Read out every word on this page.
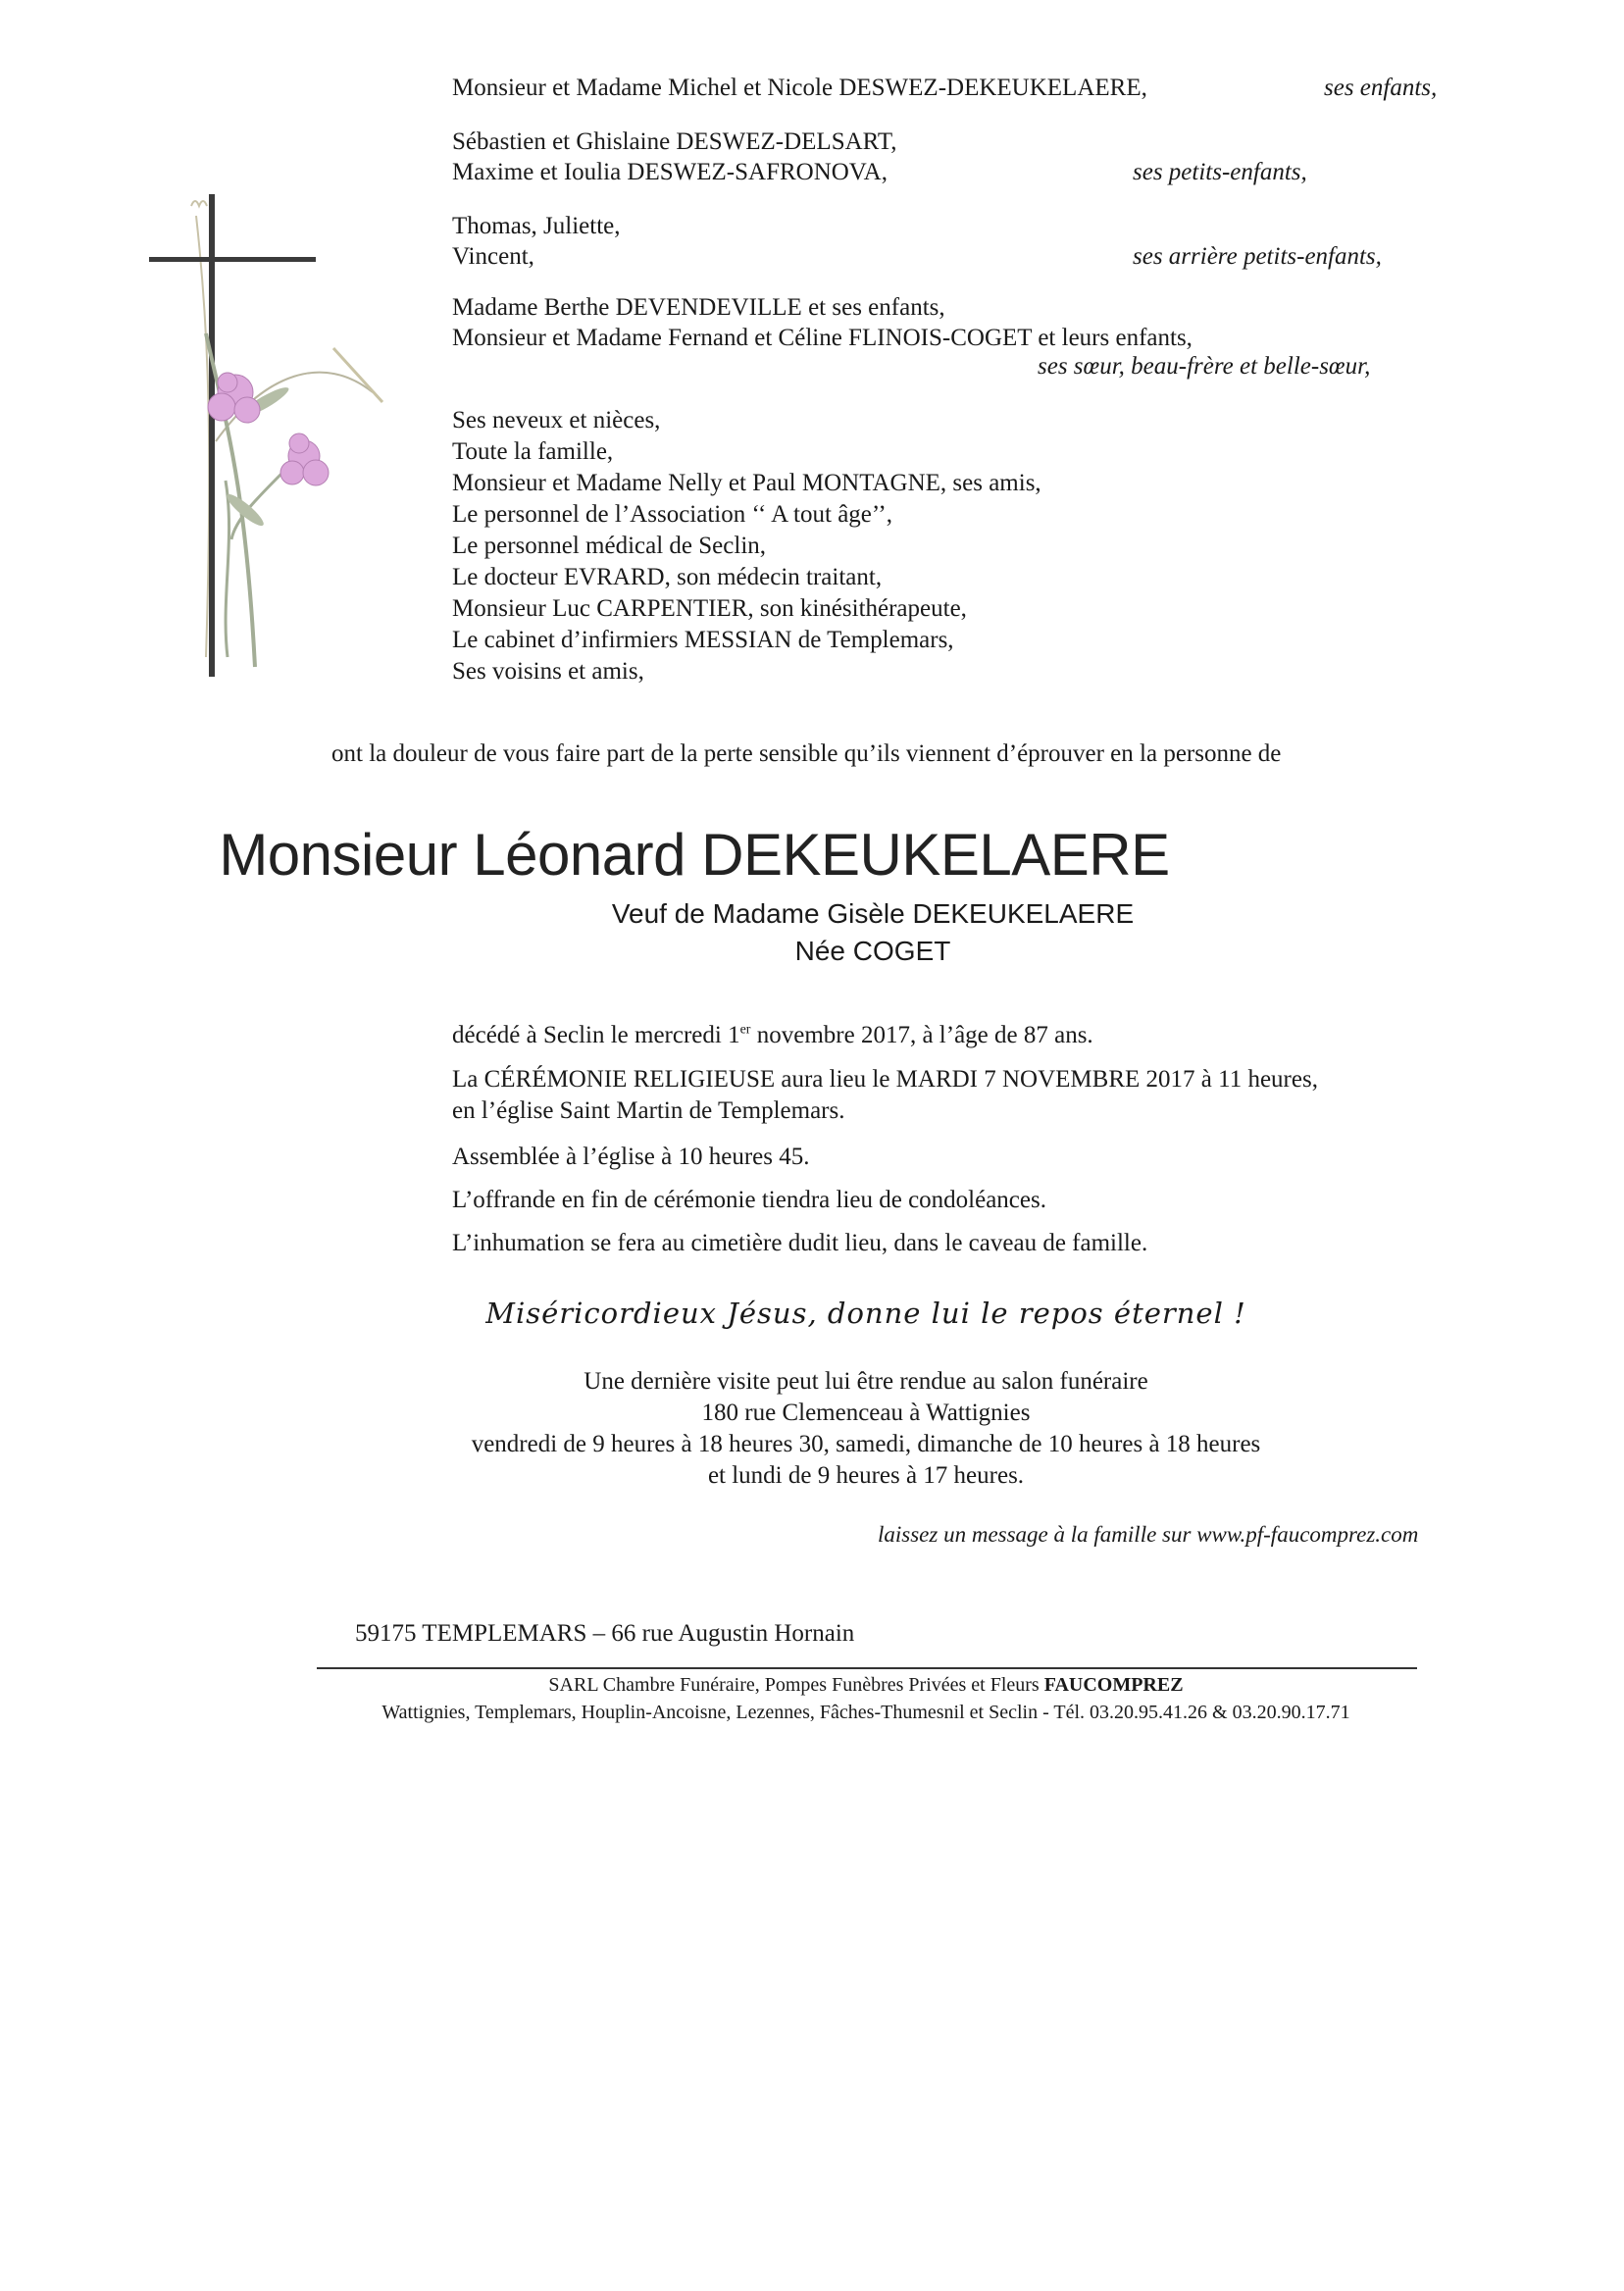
Monsieur et Madame Michel et Nicole DESWEZ-DEKEUKELAERE,	ses enfants,
Sébastien et Ghislaine DESWEZ-DELSART,
Maxime et Ioulia DESWEZ-SAFRONOVA,	ses petits-enfants,
Thomas, Juliette,
Vincent,	ses arrière petits-enfants,
Madame Berthe DEVENDEVILLE et ses enfants,
Monsieur et Madame Fernand et Céline FLINOIS-COGET et leurs enfants,
ses sœur, beau-frère et belle-sœur,
Ses neveux et nièces,
Toute la famille,
Monsieur et Madame Nelly et Paul MONTAGNE, ses amis,
Le personnel de l’Association ‘‘ A tout âge’’,
Le personnel médical de Seclin,
Le docteur EVRARD, son médecin traitant,
Monsieur Luc CARPENTIER, son kinésithérapeute,
Le cabinet d’infirmiers MESSIAN de Templemars,
Ses voisins et amis,
ont la douleur de vous faire part de la perte sensible qu’ils viennent d’éprouver en la personne de
Monsieur Léonard DEKEUKELAERE
Veuf de Madame Gisèle DEKEUKELAERE
Née COGET
décédé à Seclin le mercredi 1er novembre 2017, à l’âge de 87 ans.
La CÉRÉMONIE RELIGIEUSE aura lieu le MARDI 7 NOVEMBRE 2017 à 11 heures,
en l’église Saint Martin de Templemars.
Assemblée à l’église à 10 heures 45.
L’offrande en fin de cérémonie tiendra lieu de condoléances.
L’inhumation se fera au cimetière dudit lieu, dans le caveau de famille.
Miséricordieux Jésus, donne lui le repos éternel !
Une dernière visite peut lui être rendue au salon funéraire
180 rue Clemenceau à Wattignies
vendredi de 9 heures à 18 heures 30, samedi, dimanche de 10 heures à 18 heures
et lundi de 9 heures à 17 heures.
laissez un message à la famille sur www.pf-faucomprez.com
59175 TEMPLEMARS – 66 rue Augustin Hornain
SARL Chambre Funéraire, Pompes Funèbres Privées et Fleurs FAUCOMPREZ
Wattignies, Templemars, Houplin-Ancoisne, Lezennes, Fâches-Thumesnil et Seclin - Tél. 03.20.95.41.26 & 03.20.90.17.71
